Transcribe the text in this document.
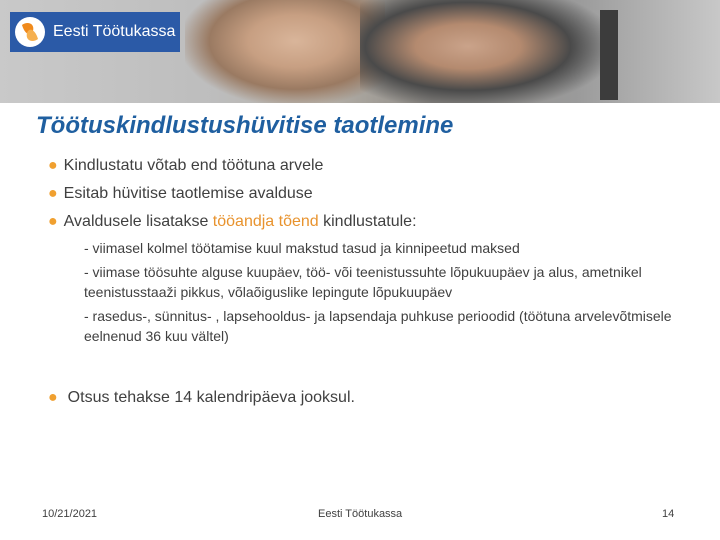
Eesti Töötukassa
Töötuskindlustushüvitise taotlemine
● Kindlustatu võtab end töötuna arvele
● Esitab hüvitise taotlemise avalduse
● Avaldusele lisatakse tööandja tõend kindlustatule:
- viimasel kolmel töötamise kuul makstud tasud ja kinnipeetud maksed
- viimase töösuhte alguse kuupäev, töö- või teenistussuhte lõpukuupäev ja alus, ametnikel teenistusstaaži pikkus, võlaõiguslike lepingute lõpukuupäev
- rasedus-, sünnitus- , lapsehooldus- ja lapsendaja puhkuse perioodid (töötuna arvelevõtmisele eelnenud 36 kuu vältel)

● Otsus tehakse 14 kalendripäeva jooksul.

10/21/2021	Eesti Töötukassa	14
